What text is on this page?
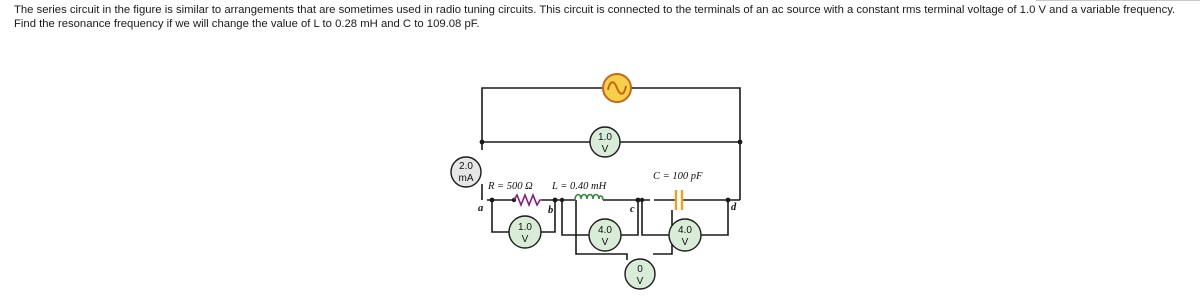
The series circuit in the figure is similar to arrangements that are sometimes used in radio tuning circuits. This circuit is connected to the terminals of an ac source with a constant rms terminal voltage of 1.0 V and a variable frequency. Find the resonance frequency if we will change the value of L to 0.28 mH and C to 109.08 pF.

1.0
V
2.0
mA
R = 500 Ω L = 0.40 mH
C = 100 pF
a	b	c	d
1.0
V
4.0
V
4.0
V
0
V
